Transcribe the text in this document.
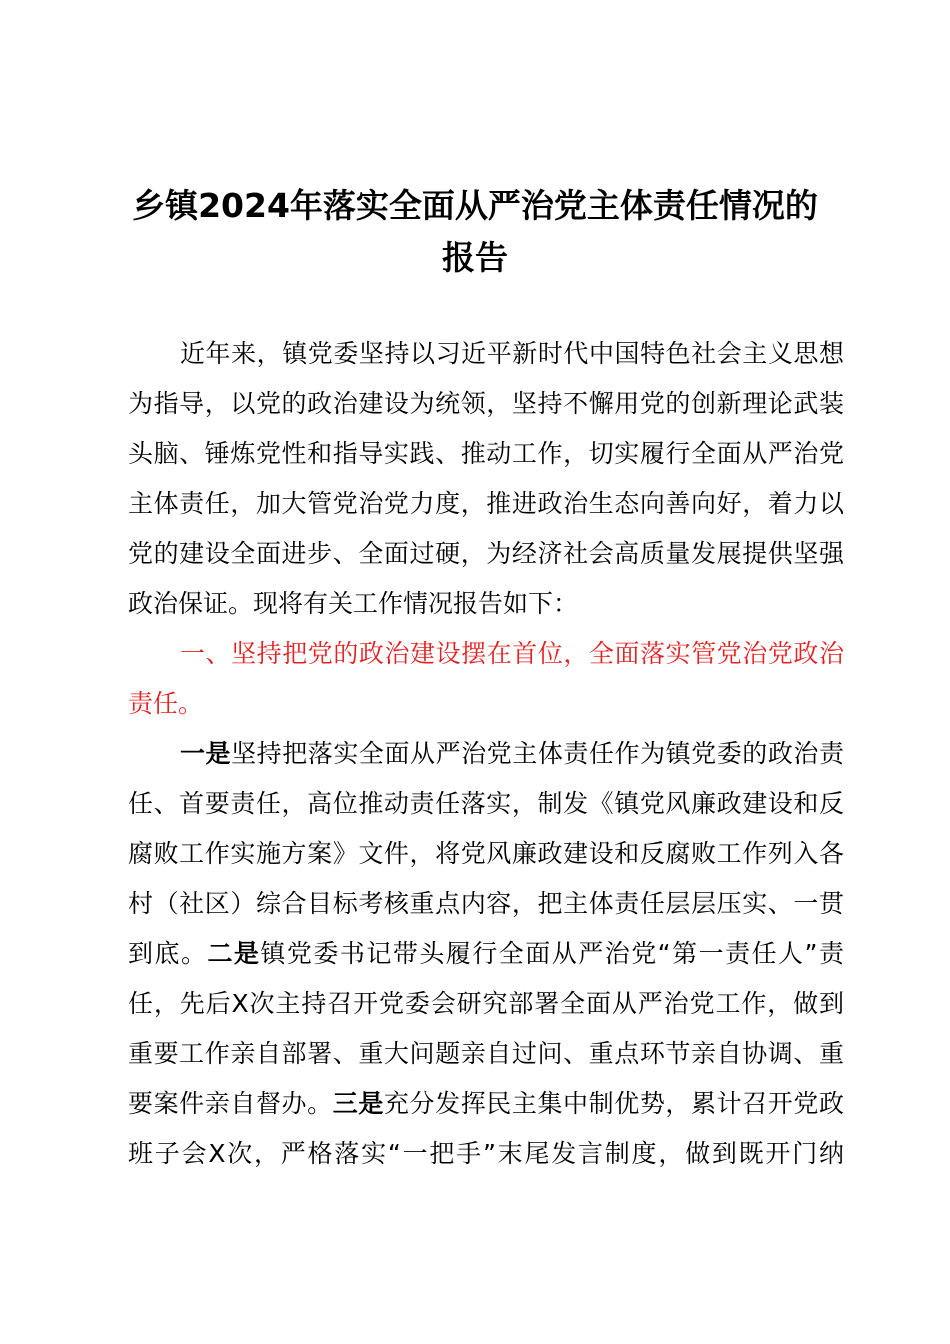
乡镇2024年落实全面从严治党主体责任情况的
报告
近年来，镇党委坚持以习近平新时代中国特色社会主义思想
为指导，以党的政治建设为统领，坚持不懈用党的创新理论武装
头脑、锤炼党性和指导实践、推动工作，切实履行全面从严治党
主体责任，加大管党治党力度，推进政治生态向善向好，着力以
党的建设全面进步、全面过硬，为经济社会高质量发展提供坚强
政治保证。现将有关工作情况报告如下：
一、坚持把党的政治建设摆在首位，全面落实管党治党政治
责任。
一是坚持把落实全面从严治党主体责任作为镇党委的政治责
任、首要责任，高位推动责任落实，制发《镇党风廉政建设和反
腐败工作实施方案》文件，将党风廉政建设和反腐败工作列入各
村（社区）综合目标考核重点内容，把主体责任层层压实、一贯
到底。二是镇党委书记带头履行全面从严治党“第一责任人”责
任，先后X次主持召开党委会研究部署全面从严治党工作，做到
重要工作亲自部署、重大问题亲自过问、重点环节亲自协调、重
要案件亲自督办。三是充分发挥民主集中制优势，累计召开党政
班子会X次，严格落实“一把手”末尾发言制度，做到既开门纳
